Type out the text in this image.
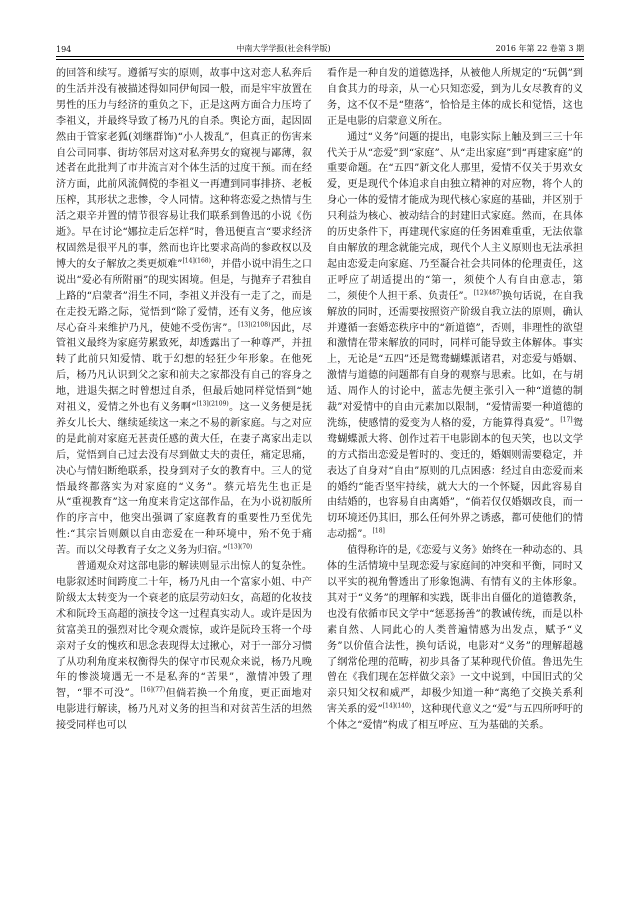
194	中南大学学报(社会科学版)	2016 年第 22 卷第 3 期

的回答和续写。遵循写实的原则，故事中这对恋人私奔后的生活并没有被描述得如同伊甸园一般，而是牢牢放置在男性的压力与经济的重负之下，正是这两方面合力压垮了李祖义，并最终导致了杨乃凡的自杀。舆论方面，起因固然由于管家老狐(刘继群饰)“小人拨乱”，但真正的伤害来自公司同事、街坊邻居对这对私奔男女的窥视与鄙薄，叙述者在此批判了市井流言对个体生活的过度干预。而在经济方面，此前风流倜傥的李祖义一再遭到同事排挤、老板压榨，其形状之悲惨，令人同情。这种将恋爱之热情与生活之艰辛并置的情节很容易让我们联系到鲁迅的小说《伤逝》。早在讨论“娜拉走后怎样”时，鲁迅便直言“要求经济权固然是很平凡的事，然而也许比要求高尚的参政权以及博大的女子解放之类更烦难”$^{[14](168)}$，并借小说中涓生之口说出“爱必有所附丽”的现实困境。但是，与抛弃子君独自上路的“启蒙者”涓生不同，李祖义并没有一走了之，而是在走投无路之际，觉悟到“除了爱情，还有义务，他应该尽心奋斗来维护乃凡，使她不受伤害”。$^{[13](2108)}$因此，尽管祖义最终为家庭劳累致死，却透露出了一种尊严，并扭转了此前只知爱情、耽于幻想的轻狂少年形象。在他死后，杨乃凡认识到父之家和前夫之家都没有自己的容身之地，进退失据之时曾想过自杀，但最后她同样觉悟到“她对祖义，爱情之外也有义务啊”$^{[13](2109)}$。这一义务便是抚养女儿长大、继续延续这一来之不易的新家庭。与之对应的是此前对家庭无甚责任感的黄大任，在妻子离家出走以后，觉悟到自己过去没有尽到做丈夫的责任，痛定思痛，决心与情妇断绝联系，投身到对子女的教育中。三人的觉悟最终都落实为对家庭的“义务”。蔡元培先生也正是从“重视教育”这一角度来肯定这部作品，在为小说初版所作的序言中，他突出强调了家庭教育的重要性乃至优先性:“其宗旨则颇以自由恋爱在一种环境中，殆不免于痛苦。而以父母教育子女之义务为归宿。”$^{[13](70)}$

普通观众对这部电影的解读则显示出惊人的复杂性。电影叙述时间跨度二十年，杨乃凡由一个富家小姐、中产阶级太太转变为一个衰老的底层劳动妇女，高超的化妆技术和阮玲玉高超的演技令这一过程真实动人。或许是因为贫富美丑的强烈对比令观众震惊，或许是阮玲玉将一个母亲对子女的愧疚和思念表现得太过揪心，对于一部分习惯了从功利角度来权衡得失的保守市民观众来说，杨乃凡晚年的惨淡境遇无一不是私奔的“苦果”，激情冲毁了理智，“罪不可没”。$^{[16](77)}$但倘若换一个角度，更正面地对电影进行解读，杨乃凡对义务的担当和对贫苦生活的坦然接受同样也可以

看作是一种自发的道德选择，从被他人所规定的“玩偶”到自食其力的母亲，从一心只知恋爱，到为儿女尽教育的义务，这不仅不是“堕落”，恰恰是主体的成长和觉悟，这也正是电影的启蒙意义所在。

通过“义务”问题的提出，电影实际上触及到三三十年代关于从“恋爱”到“家庭”、从“走出家庭”到“再建家庭”的重要命题。在“五四”新文化人那里，爱情不仅关于男欢女爱，更是现代个体追求自由独立精神的对应物，将个人的身心一体的爱情才能成为现代核心家庭的基础，并区别于只利益为核心、被动结合的封建旧式家庭。然而，在具体的历史条件下，再建现代家庭的任务困难重重，无法依靠自由解放的理念就能完成，现代个人主义原则也无法承担起由恋爱走向家庭、乃至凝合社会共同体的伦理责任，这正呼应了胡适提出的“第一，须使个人有自由意志，第二，须使个人担干系、负责任”。$^{[12](487)}$换句话说，在自我解放的同时，还需要按照资产阶级自我立法的原则，确认并遵循一套婚恋秩序中的“新道德”，否则，非理性的欲望和激情在带来解放的同时，同样可能导致主体解体。事实上，无论是“五四”还是鸳鸯蝴蝶派诸君，对恋爱与婚姻、激情与道德的问题都有自身的观察与思索。比如，在与胡适、周作人的讨论中，蓝志先便主张引入一种“道德的制裁”对爱情中的自由元素加以限制，“爱情需要一种道德的洗练，使感情的爱变为人格的爱，方能算得真爱”。[17]鸳鸯蝴蝶派大将、创作过若干电影剧本的包天笑，也以文学的方式指出恋爱是暂时的、变迁的，婚姻则需要稳定，并表达了自身对“自由”原则的几点困惑：经过自由恋爱而来的婚约“能否坚牢持续，就大大的一个怀疑，因此容易自由结婚的，也容易自由离婚”，“倘若仅仅婚姻改良，而一切环境还仍其旧，那么任何外界之诱惑，都可使他们的情志动摇”。[18]

值得称许的是,《恋爱与义务》始终在一种动态的、具体的生活情境中呈现恋爱与家庭间的冲突和平衡，同时又以平实的视角瞥透出了形象饱满、有情有义的主体形象。其对于“义务”的理解和实践，既非出自僵化的道德教条，也没有依循市民文学中“惩恶扬善”的教诫传统，而是以朴素自然、人同此心的人类普遍情感为出发点，赋予“义务”以价值合法性，换句话说，电影对“义务”的理解超越了纲常伦理的范畴，初步具备了某种现代价值。鲁迅先生曾在《我们现在怎样做父亲》一文中说到，中国旧式的父亲只知父权和威严，却极少知道一种“离绝了交换关系利害关系的爱”$^{[14](140)}$，这种现代意义之“爱”与五四所呼吁的个体之“爱情”构成了相互呼应、互为基础的关系。
